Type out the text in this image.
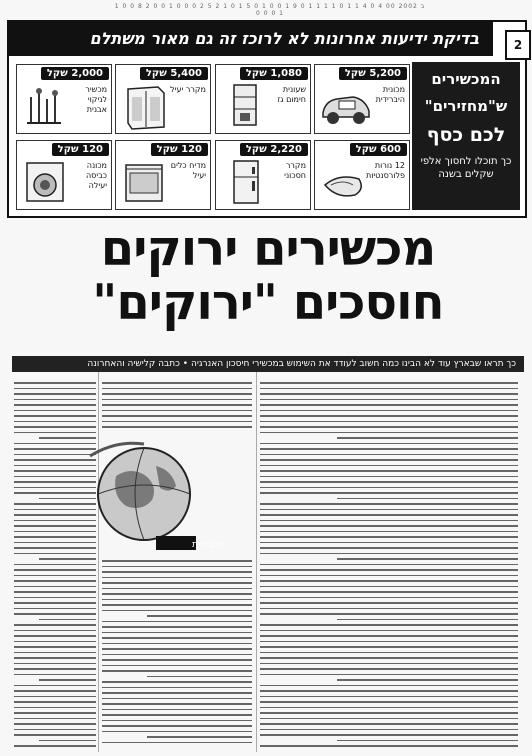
ב 2002 00 4 0 4 1 1 0 1 1 1 1 0 9 1 0 0 1 0 5 1 0 1 2 5 2 0 0 0 1 0 0 2 8 0 0 1
0 0 0 1
בדיקת ידיעות אחרונות לא לרוכז זה גם מאור משתלם	2
המכשירים
ש"מחזירים"
לכם כסף
כך תוכלו לחסוך אלפי שקלים בשנה
5,200 שקל
מכונית היברידית
1,080 שקל
שעונית חימום גז
5,400 שקל
מקרר יעיל
2,000 שקל
מכשיר לניקוי אבנית
600 שקל
12 נורות פלורסנטיות
2,220 שקל
מקרר חסכוני
120 שקל
מדיח כלים יעיל
120 שקל
מכונה כביסה יעילה
מכשירים ירוקים
חוסכים "ירוקים"
כך תראו שבארץ עוד לא הבינו כמה חשוב לעודד את השימוש במכשירי חיסכון האנרגיה • כתבה קלישיה והאחרונה
גלובליית
